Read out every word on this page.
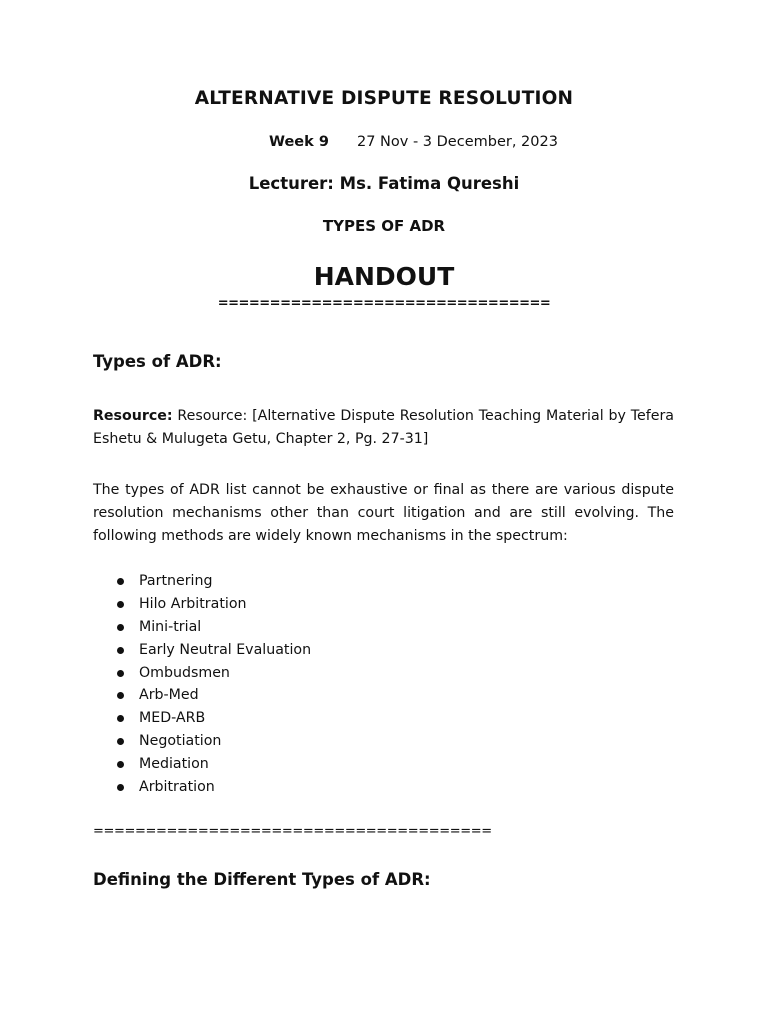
ALTERNATIVE DISPUTE RESOLUTION
Week 9 27 Nov - 3 December, 2023
Lecturer: Ms. Fatima Qureshi
TYPES OF ADR
HANDOUT
================================
Types of ADR:
Resource: Resource: [Alternative Dispute Resolution Teaching Material by Tefera Eshetu & Mulugeta Getu, Chapter 2, Pg. 27-31]
The types of ADR list cannot be exhaustive or final as there are various dispute resolution mechanisms other than court litigation and are still evolving. The following methods are widely known mechanisms in the spectrum:
Partnering
Hilo Arbitration
Mini-trial
Early Neutral Evaluation
Ombudsmen
Arb-Med
MED-ARB
Negotiation
Mediation
Arbitration
======================================
Defining the Different Types of ADR:
